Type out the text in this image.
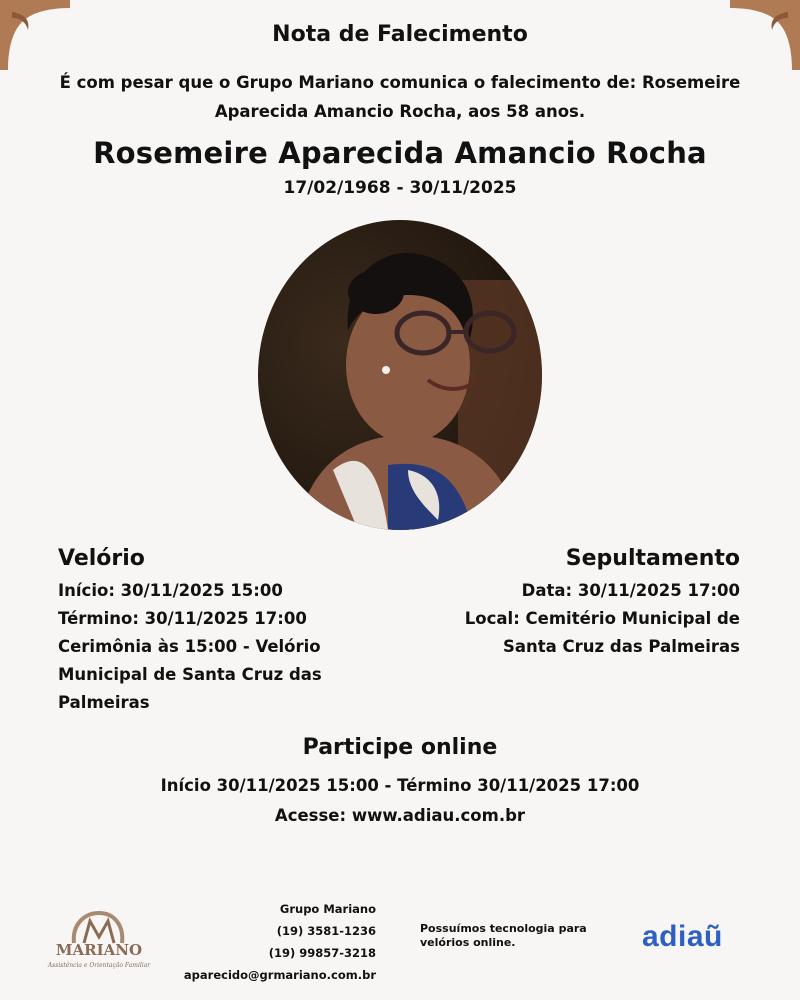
Nota de Falecimento
É com pesar que o Grupo Mariano comunica o falecimento de: Rosemeire Aparecida Amancio Rocha, aos 58 anos.
Rosemeire Aparecida Amancio Rocha
17/02/1968 - 30/11/2025
Velório
Início: 30/11/2025 15:00
Término: 30/11/2025 17:00
Cerimônia às 15:00 - Velório Municipal de Santa Cruz das Palmeiras
Sepultamento
Data: 30/11/2025 17:00
Local: Cemitério Municipal de Santa Cruz das Palmeiras
Participe online
Início 30/11/2025 15:00 - Término 30/11/2025 17:00
Acesse: www.adiau.com.br
MARIANO
Assistência e Orientação Familiar
Grupo Mariano
(19) 3581-1236
(19) 99857-3218
aparecido@grmariano.com.br
Possuímos tecnologia para velórios online.	adiaũ
